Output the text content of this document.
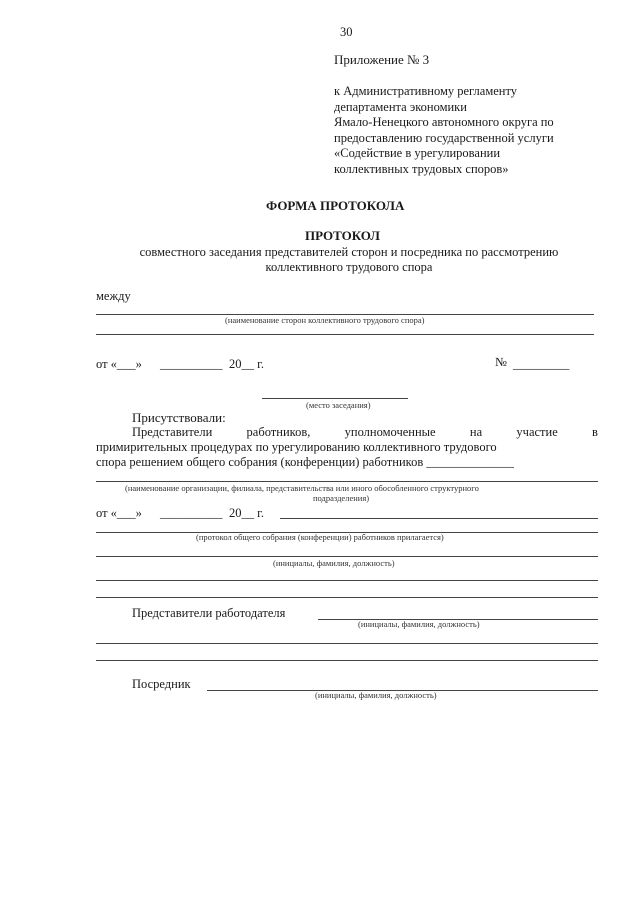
30
Приложение № 3
к Административному регламенту
департамента экономики
Ямало-Ненецкого автономного округа по
предоставлению государственной услуги
«Содействие в урегулировании
коллективных трудовых споров»
ФОРМА ПРОТОКОЛА
ПРОТОКОЛ
совместного заседания представителей сторон и посредника по рассмотрению
коллективного трудового спора
между
(наименование сторон коллективного трудового спора)
от «___» __________ 20__ г.	№ _________
(место заседания)
Присутствовали:
Представители	работников,	уполномоченные	на	участие	в
примирительных процедурах по урегулированию коллективного трудового
спора решением общего собрания (конференции) работников ______________
(наименование организации, филиала, представительства или иного обособленного структурного
подразделения)
от «___» __________ 20__ г.
(протокол общего собрания (конференции) работников прилагается)
(инициалы, фамилия, должность)
Представители работодателя
(инициалы, фамилия, должность)
Посредник
(инициалы, фамилия, должность)
